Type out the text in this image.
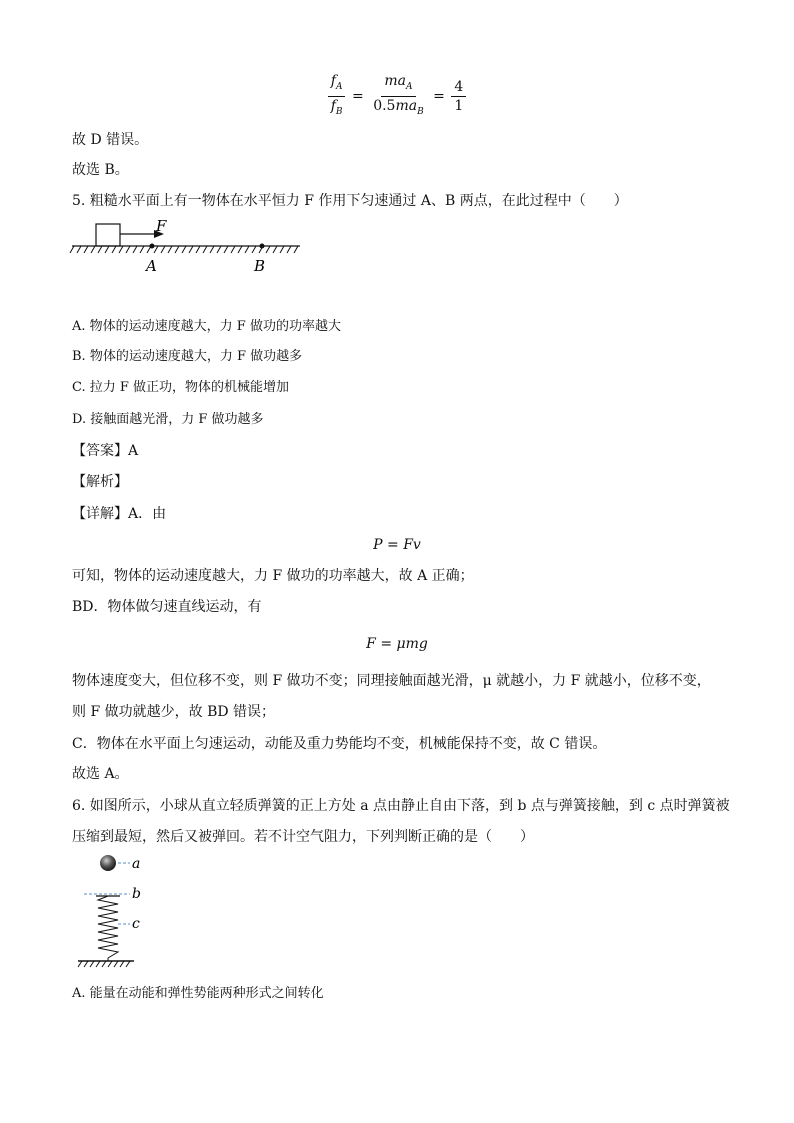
$\frac{f_A}{f_B} = \frac{ma_A}{0.5ma_B} = \frac{4}{1}$
故 D 错误。
故选 B。
5. 粗糙水平面上有一物体在水平恒力 F 作用下匀速通过 A、B 两点，在此过程中（　　）
F
A	B
A. 物体的运动速度越大，力 F 做功的功率越大
B. 物体的运动速度越大，力 F 做功越多
C. 拉力 F 做正功，物体的机械能增加
D. 接触面越光滑，力 F 做功越多
【答案】A
【解析】
【详解】A．由
P = Fv
可知，物体的运动速度越大，力 F 做功的功率越大，故 A 正确；
BD．物体做匀速直线运动，有
F = μmg
物体速度变大，但位移不变，则 F 做功不变；同理接触面越光滑，μ 就越小，力 F 就越小，位移不变，
则 F 做功就越少，故 BD 错误；
C．物体在水平面上匀速运动，动能及重力势能均不变，机械能保持不变，故 C 错误。
故选 A。
6. 如图所示，小球从直立轻质弹簧的正上方处 a 点由静止自由下落，到 b 点与弹簧接触，到 c 点时弹簧被
压缩到最短，然后又被弹回。若不计空气阻力，下列判断正确的是（　　）
a
b
c
A. 能量在动能和弹性势能两种形式之间转化
